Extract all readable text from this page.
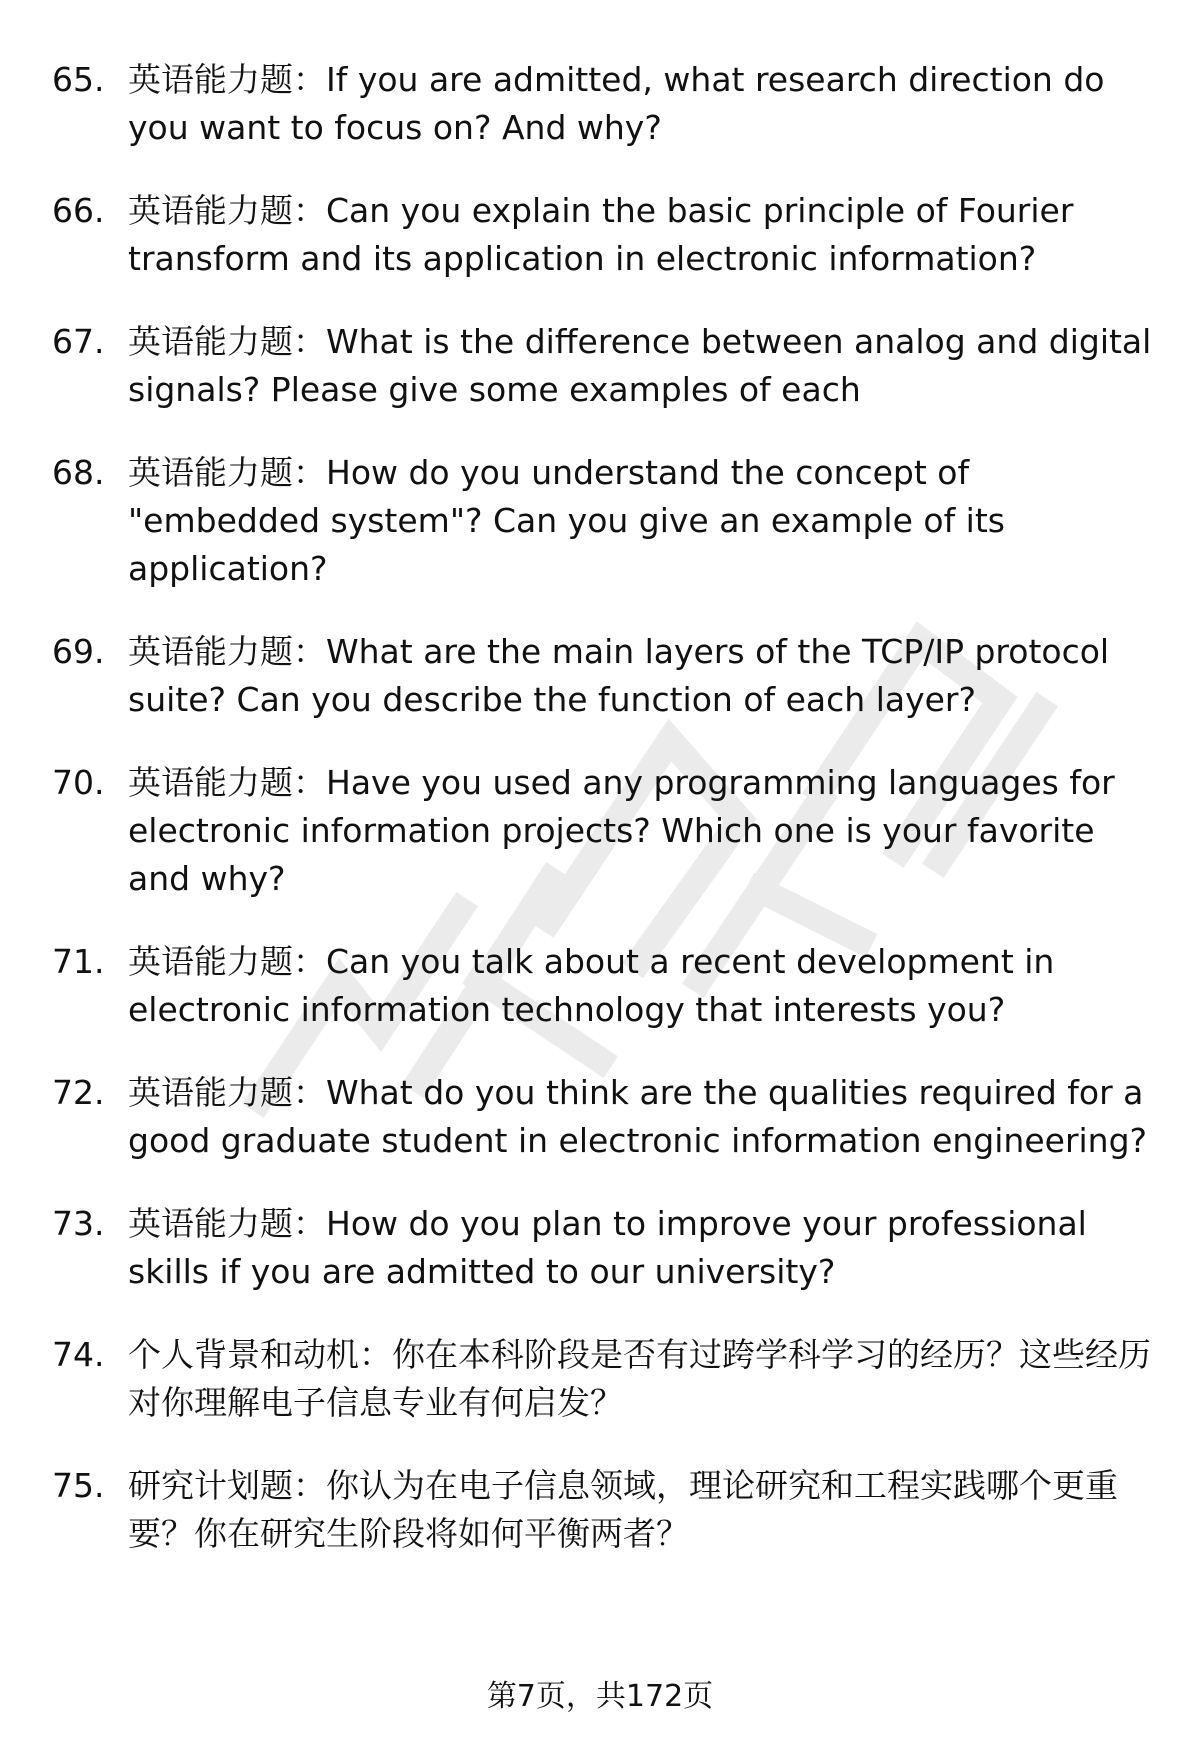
65. 英语能力题：If you are admitted, what research direction do you want to focus on? And why?
66. 英语能力题：Can you explain the basic principle of Fourier transform and its application in electronic information?
67. 英语能力题：What is the difference between analog and digital signals? Please give some examples of each
68. 英语能力题：How do you understand the concept of "embedded system"? Can you give an example of its application?
69. 英语能力题：What are the main layers of the TCP/IP protocol suite? Can you describe the function of each layer?
70. 英语能力题：Have you used any programming languages for electronic information projects? Which one is your favorite and why?
71. 英语能力题：Can you talk about a recent development in electronic information technology that interests you?
72. 英语能力题：What do you think are the qualities required for a good graduate student in electronic information engineering?
73. 英语能力题：How do you plan to improve your professional skills if you are admitted to our university?
74. 个人背景和动机：你在本科阶段是否有过跨学科学习的经历？这些经历对你理解电子信息专业有何启发？
75. 研究计划题：你认为在电子信息领域，理论研究和工程实践哪个更重要？你在研究生阶段将如何平衡两者？
第7页，共172页
